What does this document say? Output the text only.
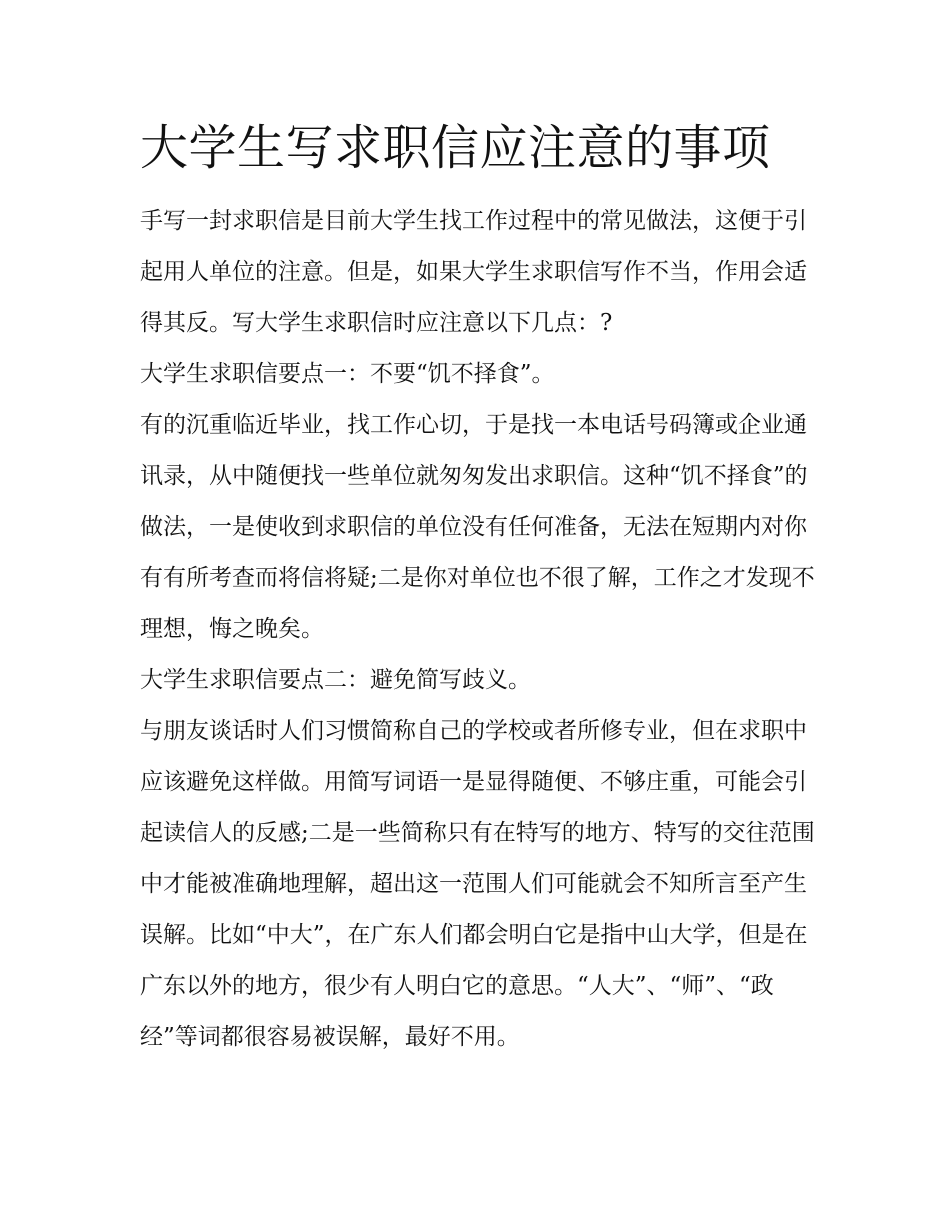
大学生写求职信应注意的事项

手写一封求职信是目前大学生找工作过程中的常见做法，这便于引起用人单位的注意。但是，如果大学生求职信写作不当，作用会适得其反。写大学生求职信时应注意以下几点：?

大学生求职信要点一：不要“饥不择食”。

有的沉重临近毕业，找工作心切，于是找一本电话号码簿或企业通讯录，从中随便找一些单位就匆匆发出求职信。这种“饥不择食”的做法，一是使收到求职信的单位没有任何准备，无法在短期内对你有有所考查而将信将疑;二是你对单位也不很了解，工作之才发现不理想，悔之晚矣。

大学生求职信要点二：避免简写歧义。

与朋友谈话时人们习惯简称自己的学校或者所修专业，但在求职中应该避免这样做。用简写词语一是显得随便、不够庄重，可能会引起读信人的反感;二是一些简称只有在特写的地方、特写的交往范围中才能被准确地理解，超出这一范围人们可能就会不知所言至产生误解。比如“中大”，在广东人们都会明白它是指中山大学，但是在广东以外的地方，很少有人明白它的意思。“人大”、“师”、“政经”等词都很容易被误解，最好不用。
